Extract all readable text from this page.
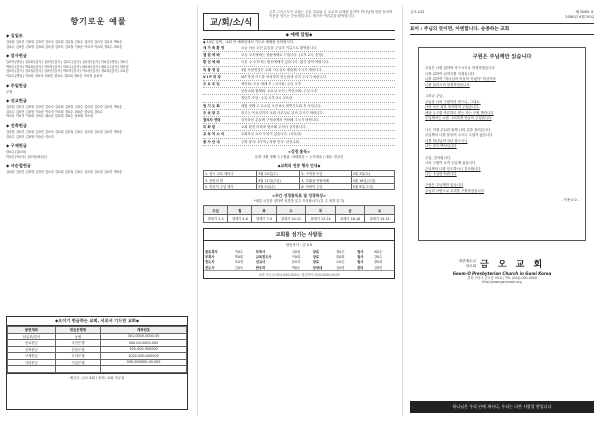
향기로운 예물
◆ 십일조
김0원 김0진 김0영 김0민 김0숙 김0희 김0철 김0수 김0현 김0정 김0자 박0순
김0수 김0민 김0영 김0희 김0정 김0숙 김0철 이0순 이0자 이0희 정0수 최0순
◆ 감사헌금
김0자(생일) 김0희(감사) 김0영(감사) 김0수(감사) 김0정(감사) 이0순(생일) 정0수
박0순(감사) 박0희(감사) 이0자(감사) 이0수(감사) 최0희(감사) 최0수(감사) 한0정
김0숙(감사) 김0철(감사) 김0민(감사) 박0자(감사) 이0정(감사) 정0희(감사) 오0순
이0수(생일) 이0희 정0자 최0민 한0수 강0희 장0순 조0정 윤0자
◆ 주일헌금
무명
◆ 선교헌금
김0원 김0진 김0영 김0민 김0숙 김0희 김0철 김0수 김0현 김0정 김0자 박0순
김0수 김0민 김0영 이0순 이0자 이0희 정0수 최0순 한0희 강0수
이0순 이0자 이0희 정0수 최0순 한0희 강0수 장0희 조0정
◆ 건축헌금
김0원 김0진 김0영 김0민 김0숙 김0희 김0철 김0수 김0현 김0정 김0자 박0순
김0수 김0민 김0영 이0순 이0자
◆ 구제헌금
한0수(김0희)
이0순(이0자) 김0영(최0순)
◆ 사순절헌금
김0원 김0진 김0영 김0민 김0숙 김0희 김0철 김0수 김0현 김0정 김0자 박0순
◆오이기 헌금하는 교회, 서로서 기드린 교회◆
봉헌계좌	헌금은행명	계좌번호
십일조/감사	농협	301-0000-0000-00
선교헌금	국민은행	000-00-0000-000
건축헌금	신한은행	100-000-000000
구제헌금	우리은행	1002-000-000000
기타헌금	기업은행	000-000000-00-000

예금주: 금오교회 / 문의: 교회 사무실
교/회/소/식
주후 그리스도인 교회는 주일 설교와 온 교우의 교제를 통하여 하나님께 영광 돌리며 이웃을 섬기는 공동체입니다. 새가족 여러분을 환영합니다.
◆ 예배 알림◆
◆ 10분 일찍 - 교회 안 예배실에서 기도로 예배를 준비합시다.
새 가 족 환 영	오늘 처음 오신 분들을 주님의 이름으로 환영합니다.
엘 림 예 배	오늘 오후예배는 엘림예배로 드립니다. (오후 2시, 본당)
환 선 예 배	다음 주 오후에는 환선예배가 있습니다. 많은 참여 바랍니다.
독 봉 영 감	3월 독봉영감은 교회 사무실로 제출해 주시기 바랍니다.
V I P 작 정	VIP 작정 카드를 작성하여 헌금함에 넣어 주시기 바랍니다.
주 요 모 임	제직회: 오늘 예배 후 / 교사회: 주일 오후
남선교회 월례회: 토요일 오전 / 여선교회: 주일 오후
청년부 모임: 주일 오후 3시 교육관
원 기 도 회	매월 첫째 주 토요일 오전 6시 새벽기도회 후 모입니다.
주 보 광 고	광고는 목요일까지 교회 사무실로 알려 주시기 바랍니다.
결석자 연락	결석하신 분들께 구역장께서 연락해 주시기 바랍니다.
미 화 원	교회 환경 미화에 협조해 주셔서 감사합니다.
교 육 처 소 식	교회학교 교사 모임이 있습니다. (교육관)
봉 사 안 내	주방 봉사: 3구역 / 차량 봉사: 남선교회
<성경 통독>
일정: 3월 넷째 주 / 범위: 마태복음 ~ 누가복음 / 대상: 전교인
◆교회의 연중 행사 안내◆
1. 성도 교육 세미나	3월 24일(수)	2. 구역장 모임	4월 3일(토)
3. 찬양의 밤	4월 11일(주일)	4. 부활절 연합예배	4월 18일(주일)
5. 어린이 주일 행사	5월 5일(수)	6. 어버이 주일	5월 9일(주일)
<주간 성경통독표 및 성경묵상>
*매일 시간을 정하여 성경을 읽고 묵상합시다 (본 주 성경 읽기)
주일	월	화	수	목	금	토
창세기 1-3	창세기 4-6	창세기 7-9	창세기 10-12	창세기 13-15	창세기 16-18	창세기 19-21
교회를 섬기는 사람들
담임목사 : 김 0 0
원로목사	이0수	부목사	김0철	장로	정0수	권사	최0순
부목사	박0희	교육전도사	이0희	장로	한0희	권사	강0수
전도사	조0정	선교사	윤0자	장로	오0순	권사	장0희
전도사	김0숙	반주자	박0순	찬양대	김0영	관리	김0민
교회 사무실 054-000-0000 / 담임목사 010-0000-0000
금오교회	제 0000 호
2000년 4월 20일
표어 : 주님의 뜻이면, 아멘합니다. 순종하는 교회
구원은 주님께만 있습니다
주님은 나를 위하여 죽으시기로 작정하셨습니다
나를 위하여 십자가를 지셨습니다
나를 위하여 "하나님의 아들이 죽었다" 하심이라
나를 살리시려 말씀하셨습니다

그러나 주님.
주님을 나의 구원이라 믿으니, 그대로.
나의 모든 죄를 용서하여 주셨습니다.
세상 누구를 막론하고 믿는 자는 구원 받습니다
주님께서는 나를 그러하게 만들어 주셨습니다

나는 이제 주님과 함께 나의 길을 걸어갑니다
주님께서 나를 붙들어 주시니 두렵지 않습니다
나를 하나님의 자녀 삼으시니
나는 천국 백성입니다

주님, 감사합니다.
나의 구원이 오직 주님께 있습니다
주님께서 나를 인도하시니 감사합니다
나는 주님만 따릅니다

구원은 주님께만 있습니다
주님의 사랑으로 우리를 구원하셨습니다
- 이용 0 0 -
대한예수교
장로회 금 오 교 회
Geum-O Presbyterian Church in Gumi Korea
경북 구미시 금오동 00-0 / TEL (054) 000-0000
http://www.geumoch.org
하나님은 우리 안에 계시니, 우리는 다만 사랑할 뿐입니다
